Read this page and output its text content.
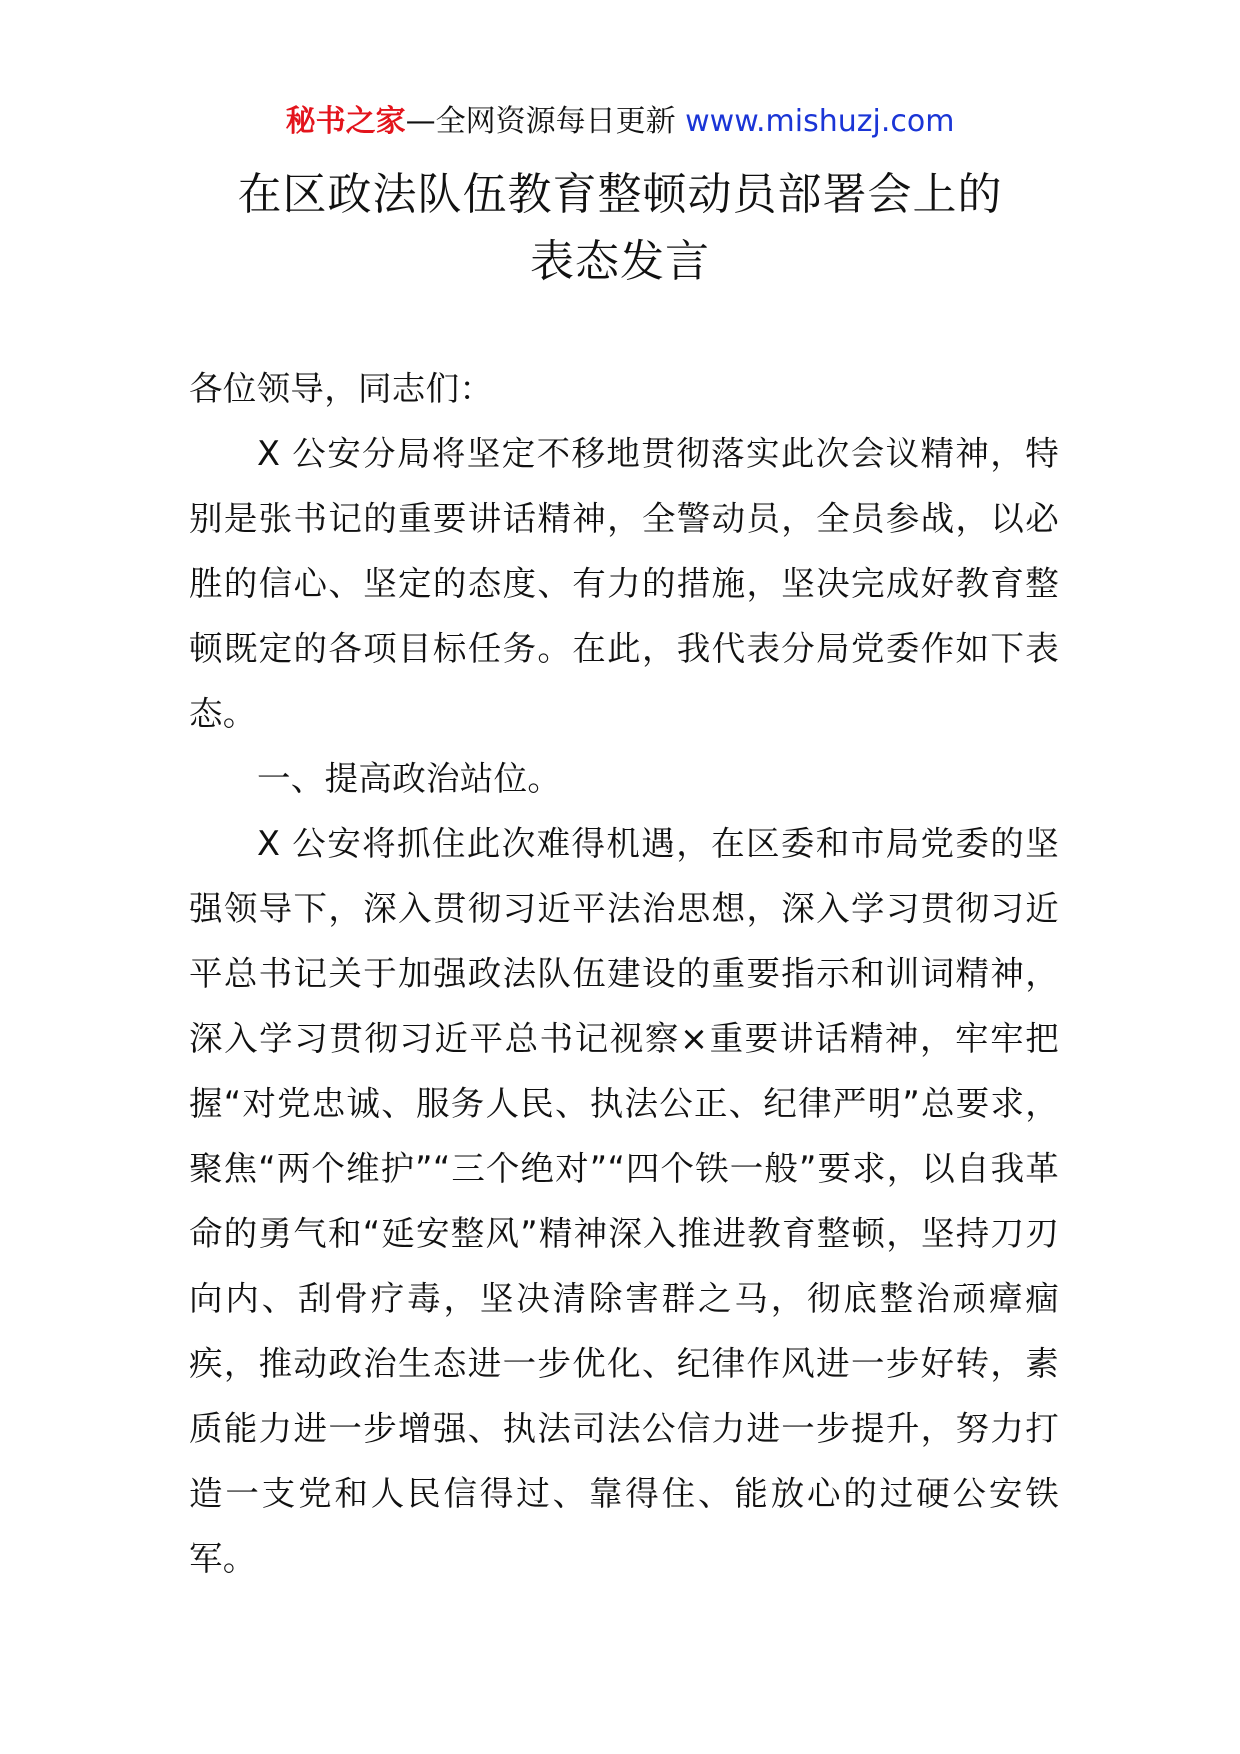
秘书之家—全网资源每日更新 www.mishuzj.com
在区政法队伍教育整顿动员部署会上的
表态发言

各位领导，同志们：

X 公安分局将坚定不移地贯彻落实此次会议精神，特别是张书记的重要讲话精神，全警动员，全员参战，以必胜的信心、坚定的态度、有力的措施，坚决完成好教育整顿既定的各项目标任务。在此，我代表分局党委作如下表态。

一、提高政治站位。

X 公安将抓住此次难得机遇，在区委和市局党委的坚强领导下，深入贯彻习近平法治思想，深入学习贯彻习近平总书记关于加强政法队伍建设的重要指示和训词精神，深入学习贯彻习近平总书记视察×重要讲话精神，牢牢把握“对党忠诚、服务人民、执法公正、纪律严明”总要求，聚焦“两个维护”“三个绝对”“四个铁一般”要求，以自我革命的勇气和“延安整风”精神深入推进教育整顿，坚持刀刃向内、刮骨疗毒，坚决清除害群之马，彻底整治顽瘴痼疾，推动政治生态进一步优化、纪律作风进一步好转，素质能力进一步增强、执法司法公信力进一步提升，努力打造一支党和人民信得过、靠得住、能放心的过硬公安铁军。
